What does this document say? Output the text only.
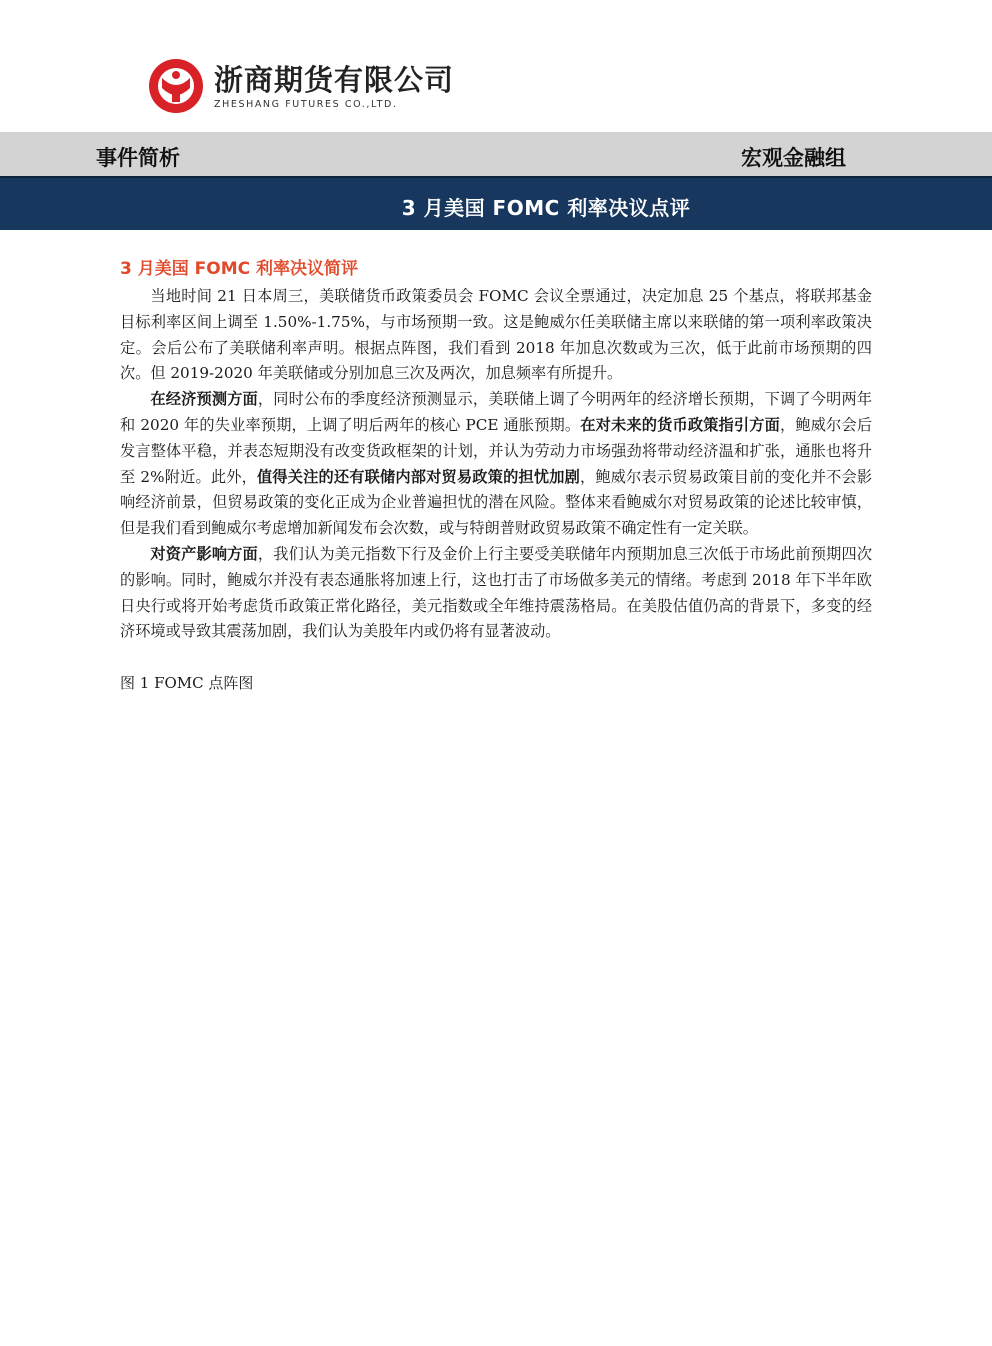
浙商期货有限公司
ZHESHANG FUTURES CO.,LTD.
事件简析	宏观金融组
3 月美国 FOMC 利率决议点评
3 月美国 FOMC 利率决议简评

当地时间 21 日本周三，美联储货币政策委员会 FOMC 会议全票通过，决定加息 25 个基点，将联邦基金目标利率区间上调至 1.50%-1.75%，与市场预期一致。这是鲍威尔任美联储主席以来联储的第一项利率政策决定。会后公布了美联储利率声明。根据点阵图，我们看到 2018 年加息次数或为三次，低于此前市场预期的四次。但 2019-2020 年美联储或分别加息三次及两次，加息频率有所提升。

在经济预测方面，同时公布的季度经济预测显示，美联储上调了今明两年的经济增长预期，下调了今明两年和 2020 年的失业率预期，上调了明后两年的核心 PCE 通胀预期。在对未来的货币政策指引方面，鲍威尔会后发言整体平稳，并表态短期没有改变货政框架的计划，并认为劳动力市场强劲将带动经济温和扩张，通胀也将升至 2%附近。此外，值得关注的还有联储内部对贸易政策的担忧加剧，鲍威尔表示贸易政策目前的变化并不会影响经济前景，但贸易政策的变化正成为企业普遍担忧的潜在风险。整体来看鲍威尔对贸易政策的论述比较审慎，但是我们看到鲍威尔考虑增加新闻发布会次数，或与特朗普财政贸易政策不确定性有一定关联。

对资产影响方面，我们认为美元指数下行及金价上行主要受美联储年内预期加息三次低于市场此前预期四次的影响。同时，鲍威尔并没有表态通胀将加速上行，这也打击了市场做多美元的情绪。考虑到 2018 年下半年欧日央行或将开始考虑货币政策正常化路径，美元指数或全年维持震荡格局。在美股估值仍高的背景下，多变的经济环境或导致其震荡加剧，我们认为美股年内或仍将有显著波动。

图 1 FOMC 点阵图
